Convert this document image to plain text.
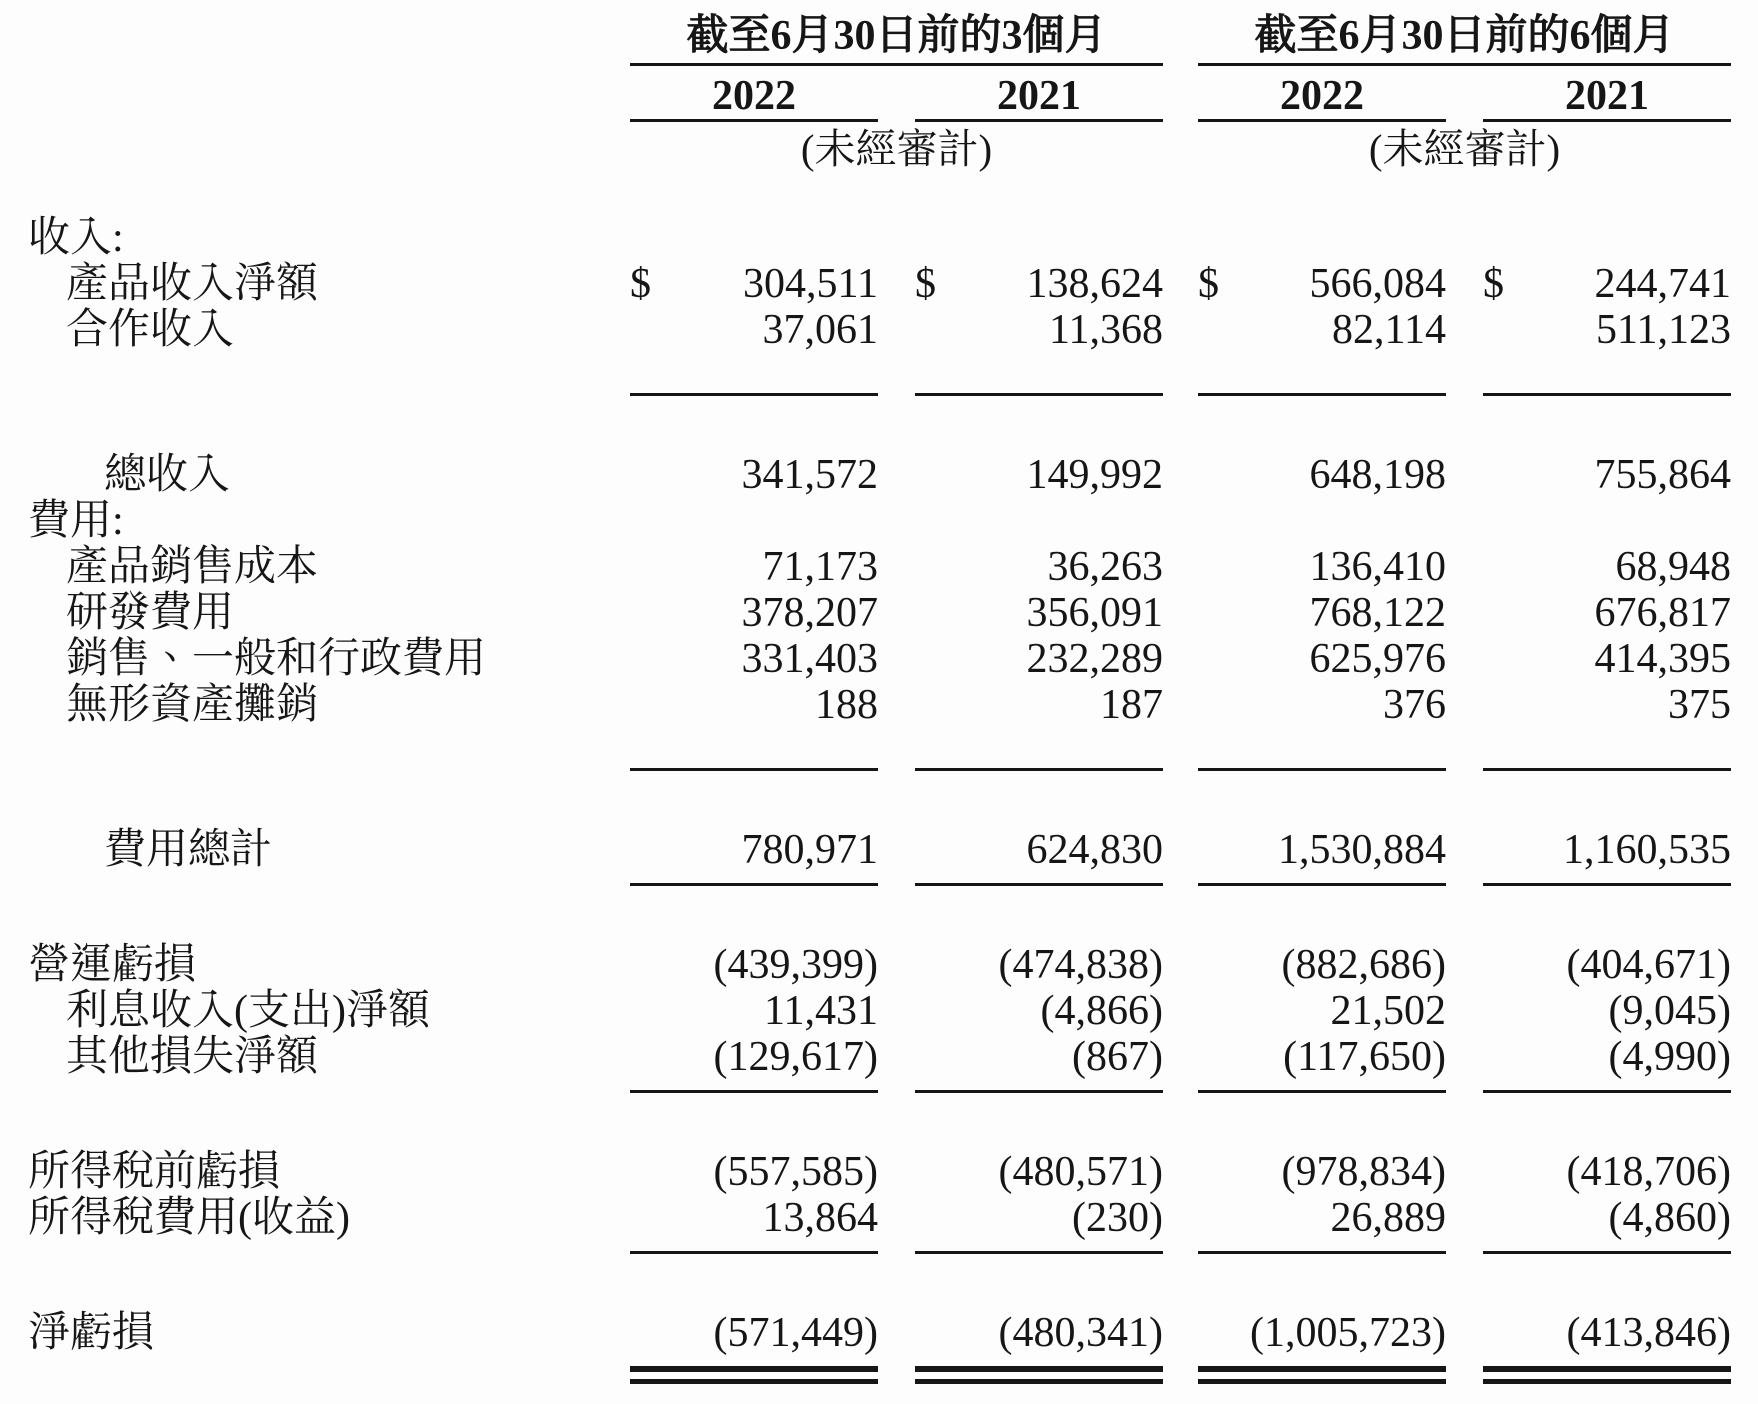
截至6月30日前的3個月	截至6月30日前的6個月
2022	2021	2022	2021
(未經審計)	(未經審計)
收入:
產品收入淨額	$ 304,511 $ 138,624 $ 566,084 $ 244,741
合作收入	37,061	11,368	82,114	511,123
總收入	341,572	149,992	648,198	755,864
費用:
產品銷售成本	71,173	36,263	136,410	68,948
研發費用	378,207	356,091	768,122	676,817
銷售、一般和行政費用	331,403	232,289	625,976	414,395
無形資產攤銷	188	187	376	375
費用總計	780,971	624,830	1,530,884	1,160,535
營運虧損	(439,399)	(474,838)	(882,686)	(404,671)
利息收入(支出)淨額	11,431	(4,866)	21,502	(9,045)
其他損失淨額	(129,617)	(867)	(117,650)	(4,990)
所得稅前虧損	(557,585)	(480,571)	(978,834)	(418,706)
所得稅費用(收益)	13,864	(230)	26,889	(4,860)
淨虧損	(571,449)	(480,341) (1,005,723)	(413,846)
